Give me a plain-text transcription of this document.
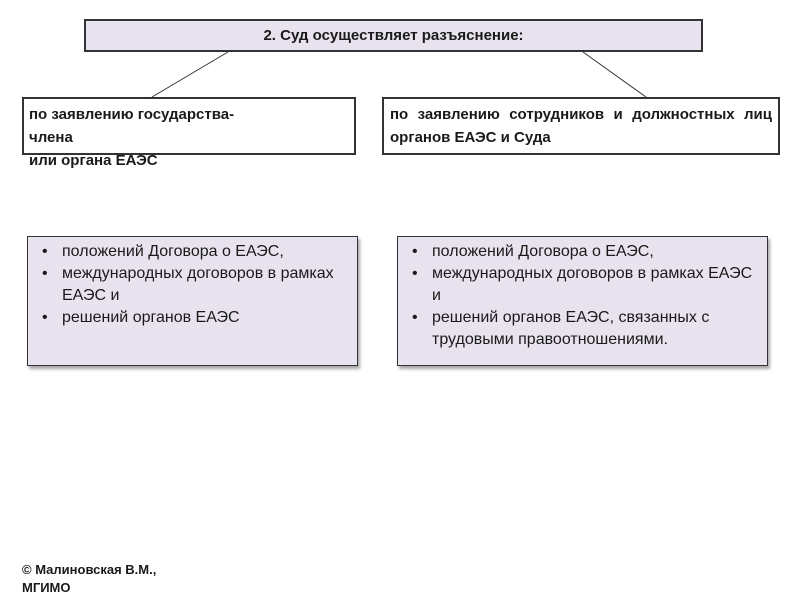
2. Суд осуществляет разъяснение:
по заявлению государства-
члена
или органа ЕАЭС
по заявлению сотрудников и должностных лиц органов ЕАЭС и Суда
• положений Договора о ЕАЭС,
• международных договоров в рамках ЕАЭС и
• решений органов ЕАЭС
• положений Договора о ЕАЭС,
• международных договоров в рамках ЕАЭС и
• решений органов ЕАЭС, связанных с трудовыми правоотношениями.
© Малиновская В.М.,
МГИМО
